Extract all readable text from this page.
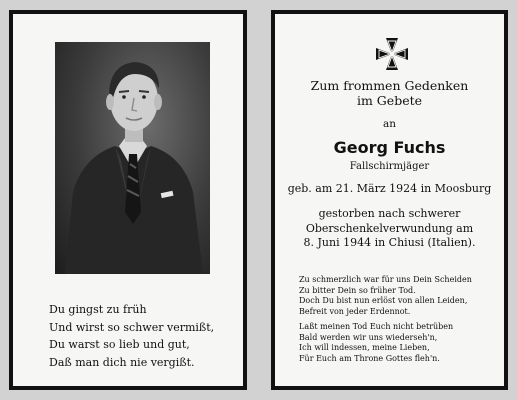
Du gingst zu früh
Und wirst so schwer vermißt,
Du warst so lieb und gut,
Daß man dich nie vergißt.
Zum frommen Gedenken
im Gebete
an
Georg Fuchs
Fallschirmjäger
geb. am 21. März 1924 in Moosburg
gestorben nach schwerer
Oberschenkelverwundung am
8. Juni 1944 in Chiusi (Italien).
Zu schmerzlich war für uns Dein Scheiden
Zu bitter Dein so früher Tod.
Doch Du bist nun erlöst von allen Leiden,
Befreit von jeder Erdennot.
Laßt meinen Tod Euch nicht betrüben
Bald werden wir uns wiederseh'n,
Ich will indessen, meine Lieben,
Für Euch am Throne Gottes fleh'n.
